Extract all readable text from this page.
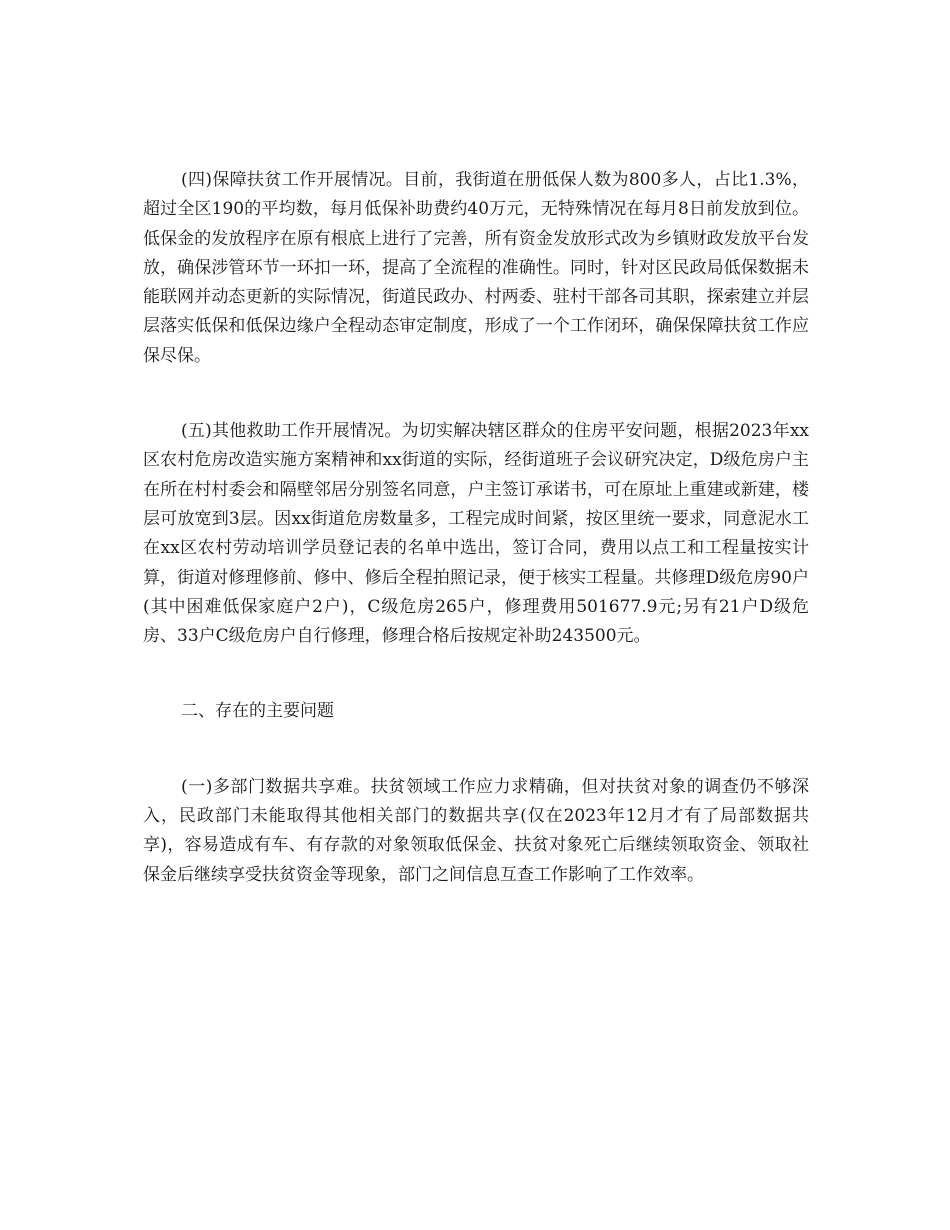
(四)保障扶贫工作开展情况。目前，我街道在册低保人数为800多人，占比1.3%，超过全区190的平均数，每月低保补助费约40万元，无特殊情况在每月8日前发放到位。低保金的发放程序在原有根底上进行了完善，所有资金发放形式改为乡镇财政发放平台发放，确保涉管环节一环扣一环，提高了全流程的准确性。同时，针对区民政局低保数据未能联网并动态更新的实际情况，街道民政办、村两委、驻村干部各司其职，探索建立并层层落实低保和低保边缘户全程动态审定制度，形成了一个工作闭环，确保保障扶贫工作应保尽保。

(五)其他救助工作开展情况。为切实解决辖区群众的住房平安问题，根据2023年xx区农村危房改造实施方案精神和xx街道的实际，经街道班子会议研究决定，D级危房户主在所在村村委会和隔壁邻居分别签名同意，户主签订承诺书，可在原址上重建或新建，楼层可放宽到3层。因xx街道危房数量多，工程完成时间紧，按区里统一要求，同意泥水工在xx区农村劳动培训学员登记表的名单中选出，签订合同，费用以点工和工程量按实计算，街道对修理修前、修中、修后全程拍照记录，便于核实工程量。共修理D级危房90户(其中困难低保家庭户2户)，C级危房265户，修理费用501677.9元;另有21户D级危房、33户C级危房户自行修理，修理合格后按规定补助243500元。

二、存在的主要问题

(一)多部门数据共享难。扶贫领域工作应力求精确，但对扶贫对象的调查仍不够深入，民政部门未能取得其他相关部门的数据共享(仅在2023年12月才有了局部数据共享)，容易造成有车、有存款的对象领取低保金、扶贫对象死亡后继续领取资金、领取社保金后继续享受扶贫资金等现象，部门之间信息互查工作影响了工作效率。
